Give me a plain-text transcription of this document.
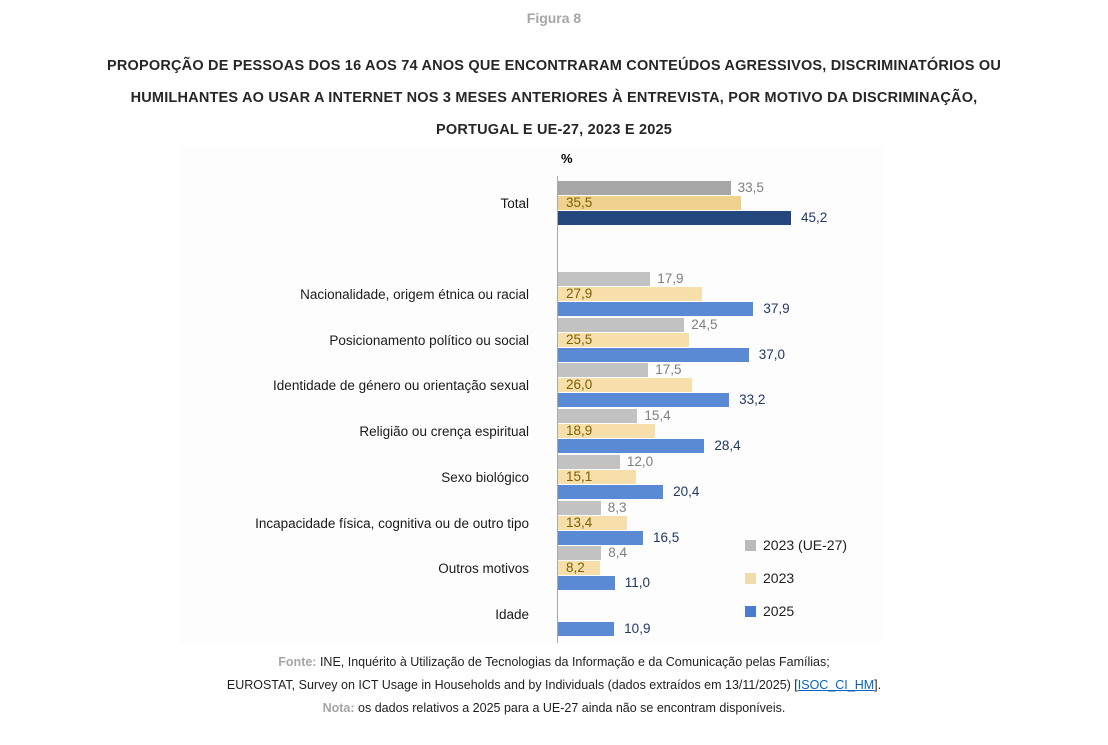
Figura 8
PROPORÇÃO DE PESSOAS DOS 16 AOS 74 ANOS QUE ENCONTRARAM CONTEÚDOS AGRESSIVOS, DISCRIMINATÓRIOS OU
HUMILHANTES AO USAR A INTERNET NOS 3 MESES ANTERIORES À ENTREVISTA, POR MOTIVO DA DISCRIMINAÇÃO,
PORTUGAL E UE-27, 2023 E 2025
%
Total
33,5
35,5
45,2
Nacionalidade, origem étnica ou racial
17,9
27,9
37,9
Posicionamento político ou social
24,5
25,5
37,0
Identidade de género ou orientação sexual
17,5
26,0
33,2
Religião ou crença espiritual
15,4
18,9
28,4
Sexo biológico
12,0
15,1
20,4
Incapacidade física, cognitiva ou de outro tipo
8,3
13,4
16,5
Outros motivos
8,4
8,2
11,0
Idade
10,9
2023 (UE-27)
2023
2025
Fonte: INE, Inquérito à Utilização de Tecnologias da Informação e da Comunicação pelas Famílias;
EUROSTAT, Survey on ICT Usage in Households and by Individuals (dados extraídos em 13/11/2025) [ISOC_CI_HM].
Nota: os dados relativos a 2025 para a UE-27 ainda não se encontram disponíveis.
